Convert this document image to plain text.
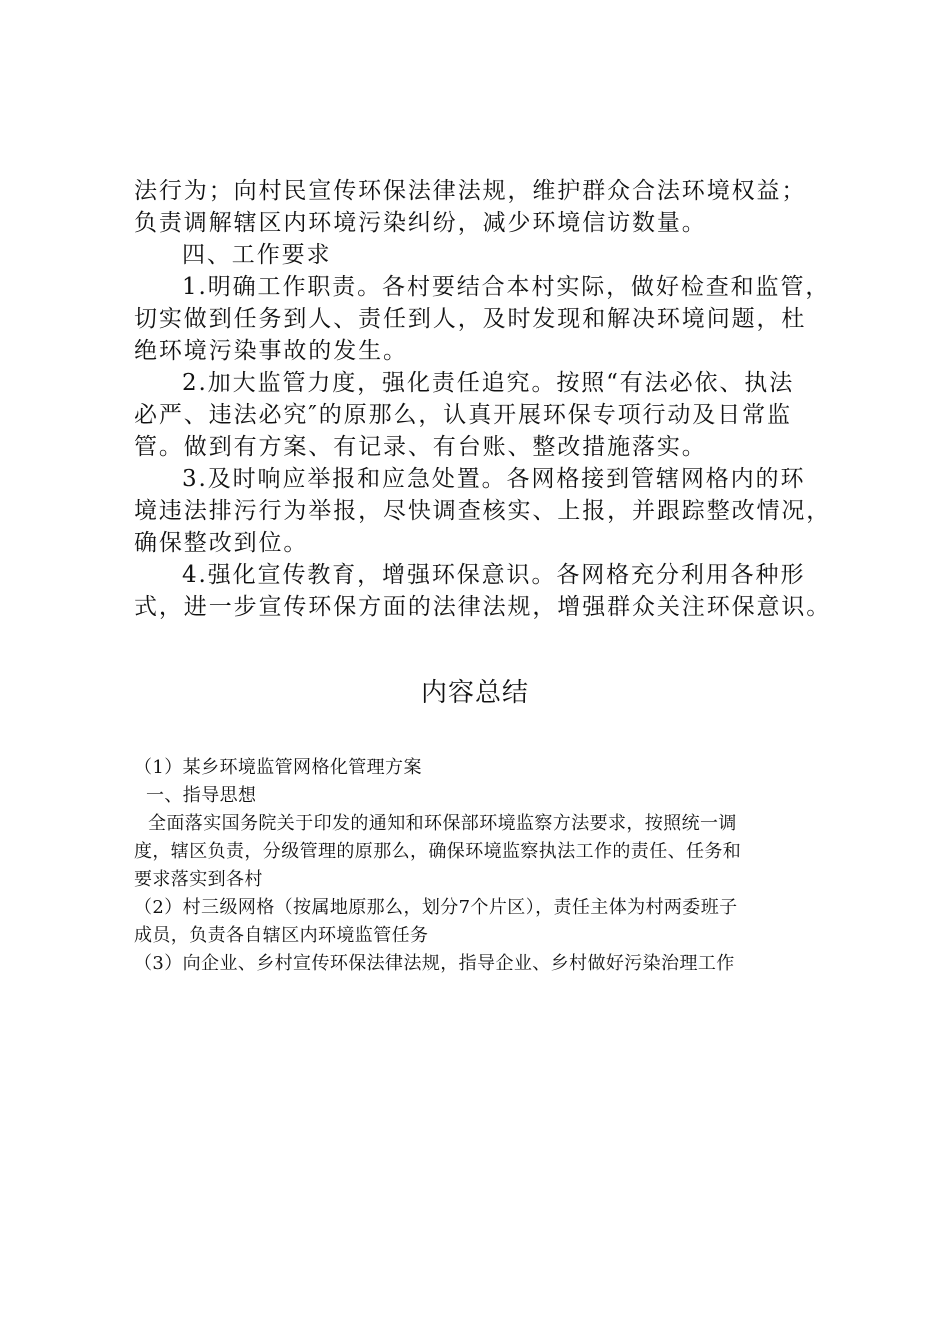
法行为；向村民宣传环保法律法规，维护群众合法环境权益；
负责调解辖区内环境污染纠纷，减少环境信访数量。
四、工作要求
1.明确工作职责。各村要结合本村实际，做好检查和监管，
切实做到任务到人、责任到人，及时发现和解决环境问题，杜
绝环境污染事故的发生。
2.加大监管力度，强化责任追究。按照“有法必依、执法
必严、违法必究″的原那么，认真开展环保专项行动及日常监
管。做到有方案、有记录、有台账、整改措施落实。
3.及时响应举报和应急处置。各网格接到管辖网格内的环
境违法排污行为举报，尽快调查核实、上报，并跟踪整改情况，
确保整改到位。
4.强化宣传教育，增强环保意识。各网格充分利用各种形
式，进一步宣传环保方面的法律法规，增强群众关注环保意识。
内容总结
（1）某乡环境监管网格化管理方案
一、指导思想
全面落实国务院关于印发的通知和环保部环境监察方法要求，按照统一调
度，辖区负责，分级管理的原那么，确保环境监察执法工作的责任、任务和
要求落实到各村
（2）村三级网格（按属地原那么，划分7个片区），责任主体为村两委班子
成员，负责各自辖区内环境监管任务
（3）向企业、乡村宣传环保法律法规，指导企业、乡村做好污染治理工作
